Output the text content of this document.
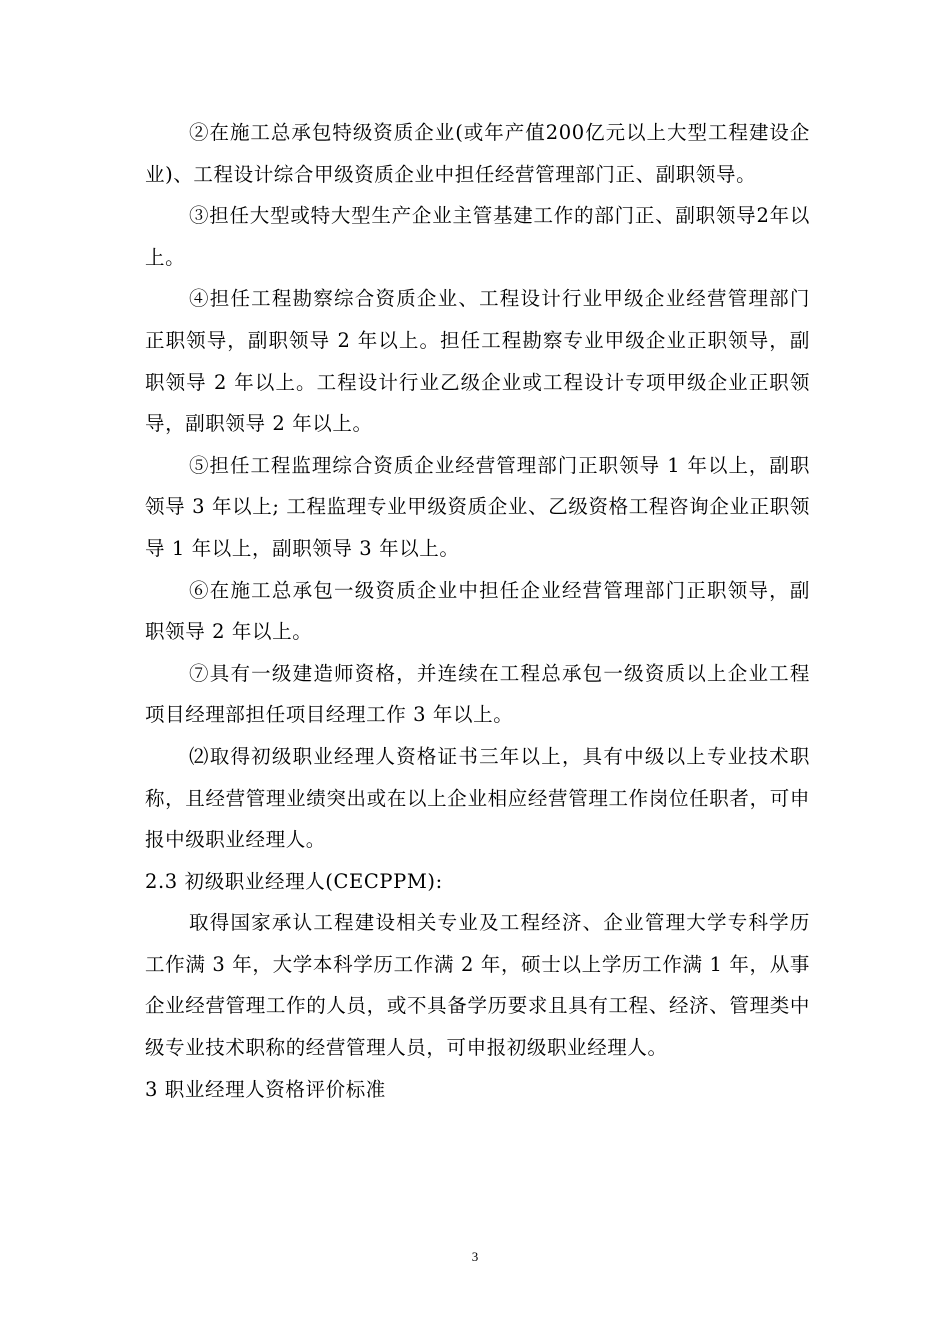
②在施工总承包特级资质企业(或年产值200亿元以上大型工程建设企业)、工程设计综合甲级资质企业中担任经营管理部门正、副职领导。

③担任大型或特大型生产企业主管基建工作的部门正、副职领导2年以上。

④担任工程勘察综合资质企业、工程设计行业甲级企业经营管理部门正职领导，副职领导 2 年以上。担任工程勘察专业甲级企业正职领导，副职领导 2 年以上。工程设计行业乙级企业或工程设计专项甲级企业正职领导，副职领导 2 年以上。

⑤担任工程监理综合资质企业经营管理部门正职领导 1 年以上，副职领导 3 年以上; 工程监理专业甲级资质企业、乙级资格工程咨询企业正职领导 1 年以上，副职领导 3 年以上。

⑥在施工总承包一级资质企业中担任企业经营管理部门正职领导，副职领导 2 年以上。

⑦具有一级建造师资格，并连续在工程总承包一级资质以上企业工程项目经理部担任项目经理工作 3 年以上。

⑵取得初级职业经理人资格证书三年以上，具有中级以上专业技术职称，且经营管理业绩突出或在以上企业相应经营管理工作岗位任职者，可申报中级职业经理人。

2.3 初级职业经理人(CECPPM):

取得国家承认工程建设相关专业及工程经济、企业管理大学专科学历工作满 3 年，大学本科学历工作满 2 年，硕士以上学历工作满 1 年，从事企业经营管理工作的人员，或不具备学历要求且具有工程、经济、管理类中级专业技术职称的经营管理人员，可申报初级职业经理人。

3 职业经理人资格评价标准

3
